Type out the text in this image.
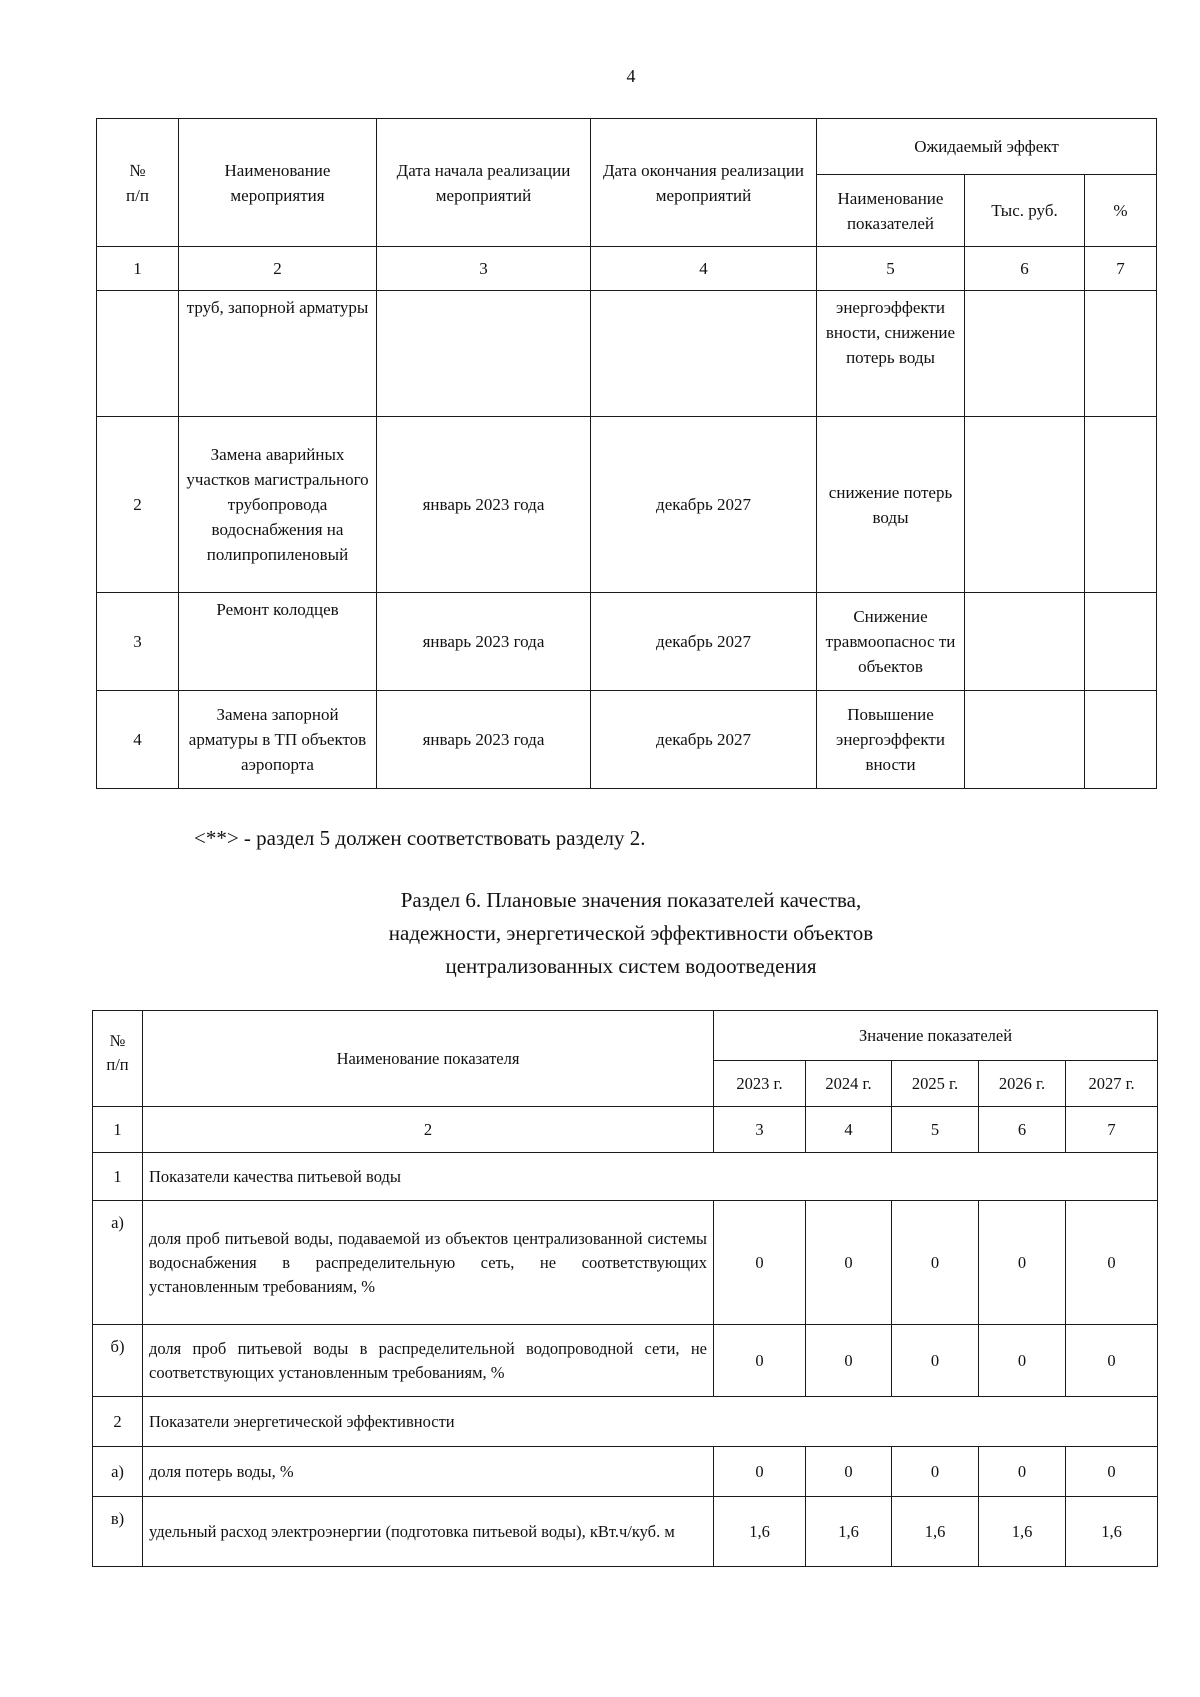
4
№
п/п	Наименование мероприятия	Дата начала реализации мероприятий	Дата окончания реализации мероприятий	Ожидаемый эффект		
				Наименование показателей	Тыс. руб.	%
1	2	3	4	5	6	7
	труб, запорной арматуры			энергоэффекти вности, снижение потерь воды		
2	Замена аварийных участков магистрального трубопровода водоснабжения на полипропиленовый	январь 2023 года	декабрь 2027	снижение потерь воды		
3	Ремонт колодцев	январь 2023 года	декабрь 2027	Снижение травмоопаснос ти объектов		
4	Замена запорной арматуры в ТП объектов аэропорта	январь 2023 года	декабрь 2027	Повышение энергоэффекти вности		
<**> - раздел 5 должен соответствовать разделу 2.
Раздел 6. Плановые значения показателей качества,
надежности, энергетической эффективности объектов
централизованных систем водоотведения
№
п/п	Наименование показателя	Значение показателей				
		2023 г.	2024 г.	2025 г.	2026 г.	2027 г.
1	2	3	4	5	6	7
1	Показатели качества питьевой воды					
а)	доля проб питьевой воды, подаваемой из объектов централизованной системы водоснабжения в распределительную сеть, не соответствующих установленным требованиям, %	0	0	0	0	0
б)	доля проб питьевой воды в распределительной водопроводной сети, не соответствующих установленным требованиям, %	0	0	0	0	0
2	Показатели энергетической эффективности					
а)	доля потерь воды, %	0	0	0	0	0
в)	удельный расход электроэнергии (подготовка питьевой воды), кВт.ч/куб. м	1,6	1,6	1,6	1,6	1,6
